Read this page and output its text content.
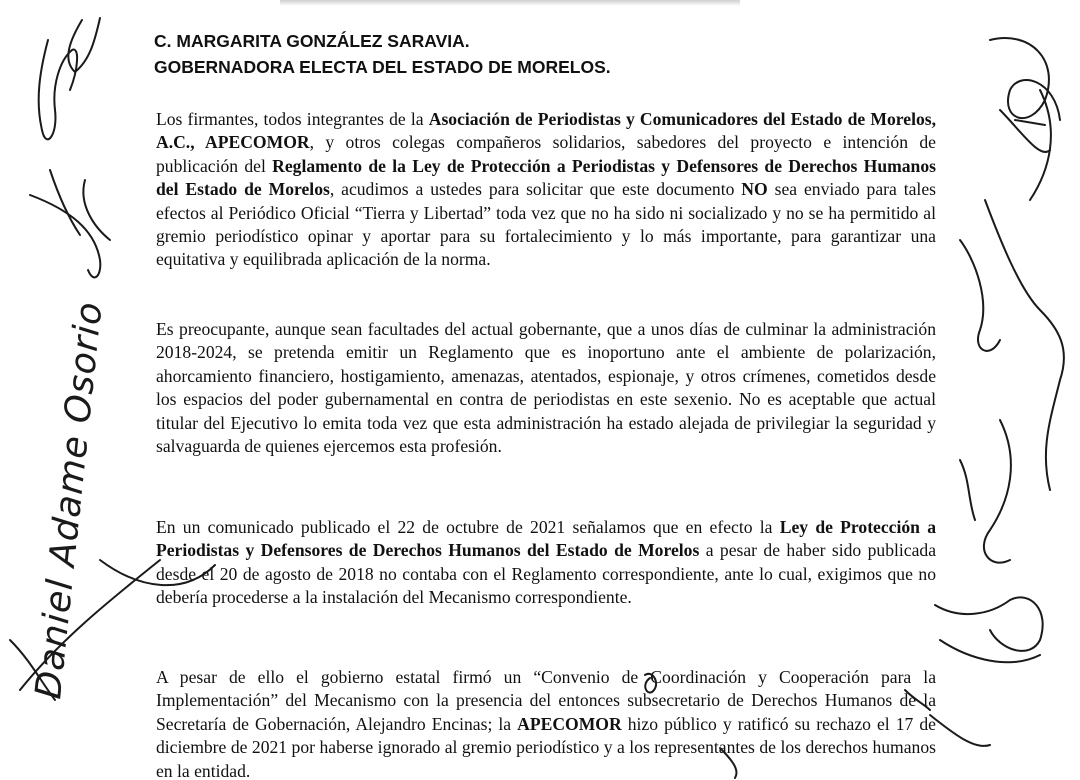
C. MARGARITA GONZÁLEZ SARAVIA.
GOBERNADORA ELECTA DEL ESTADO DE MORELOS.
Los firmantes, todos integrantes de la Asociación de Periodistas y Comunicadores del Estado de Morelos, A.C., APECOMOR, y otros colegas compañeros solidarios, sabedores del proyecto e intención de publicación del Reglamento de la Ley de Protección a Periodistas y Defensores de Derechos Humanos del Estado de Morelos, acudimos a ustedes para solicitar que este documento NO sea enviado para tales efectos al Periódico Oficial “Tierra y Libertad” toda vez que no ha sido ni socializado y no se ha permitido al gremio periodístico opinar y aportar para su fortalecimiento y lo más importante, para garantizar una equitativa y equilibrada aplicación de la norma.
Es preocupante, aunque sean facultades del actual gobernante, que a unos días de culminar la administración 2018-2024, se pretenda emitir un Reglamento que es inoportuno ante el ambiente de polarización, ahorcamiento financiero, hostigamiento, amenazas, atentados, espionaje, y otros crímenes, cometidos desde los espacios del poder gubernamental en contra de periodistas en este sexenio. No es aceptable que actual titular del Ejecutivo lo emita toda vez que esta administración ha estado alejada de privilegiar la seguridad y salvaguarda de quienes ejercemos esta profesión.
En un comunicado publicado el 22 de octubre de 2021 señalamos que en efecto la Ley de Protección a Periodistas y Defensores de Derechos Humanos del Estado de Morelos a pesar de haber sido publicada desde el 20 de agosto de 2018 no contaba con el Reglamento correspondiente, ante lo cual, exigimos que no debería procederse a la instalación del Mecanismo correspondiente.
A pesar de ello el gobierno estatal firmó un “Convenio de Coordinación y Cooperación para la Implementación” del Mecanismo con la presencia del entonces subsecretario de Derechos Humanos de la Secretaría de Gobernación, Alejandro Encinas; la APECOMOR hizo público y ratificó su rechazo el 17 de diciembre de 2021 por haberse ignorado al gremio periodístico y a los representantes de los derechos humanos en la entidad.
Daniel Adame Osorio
